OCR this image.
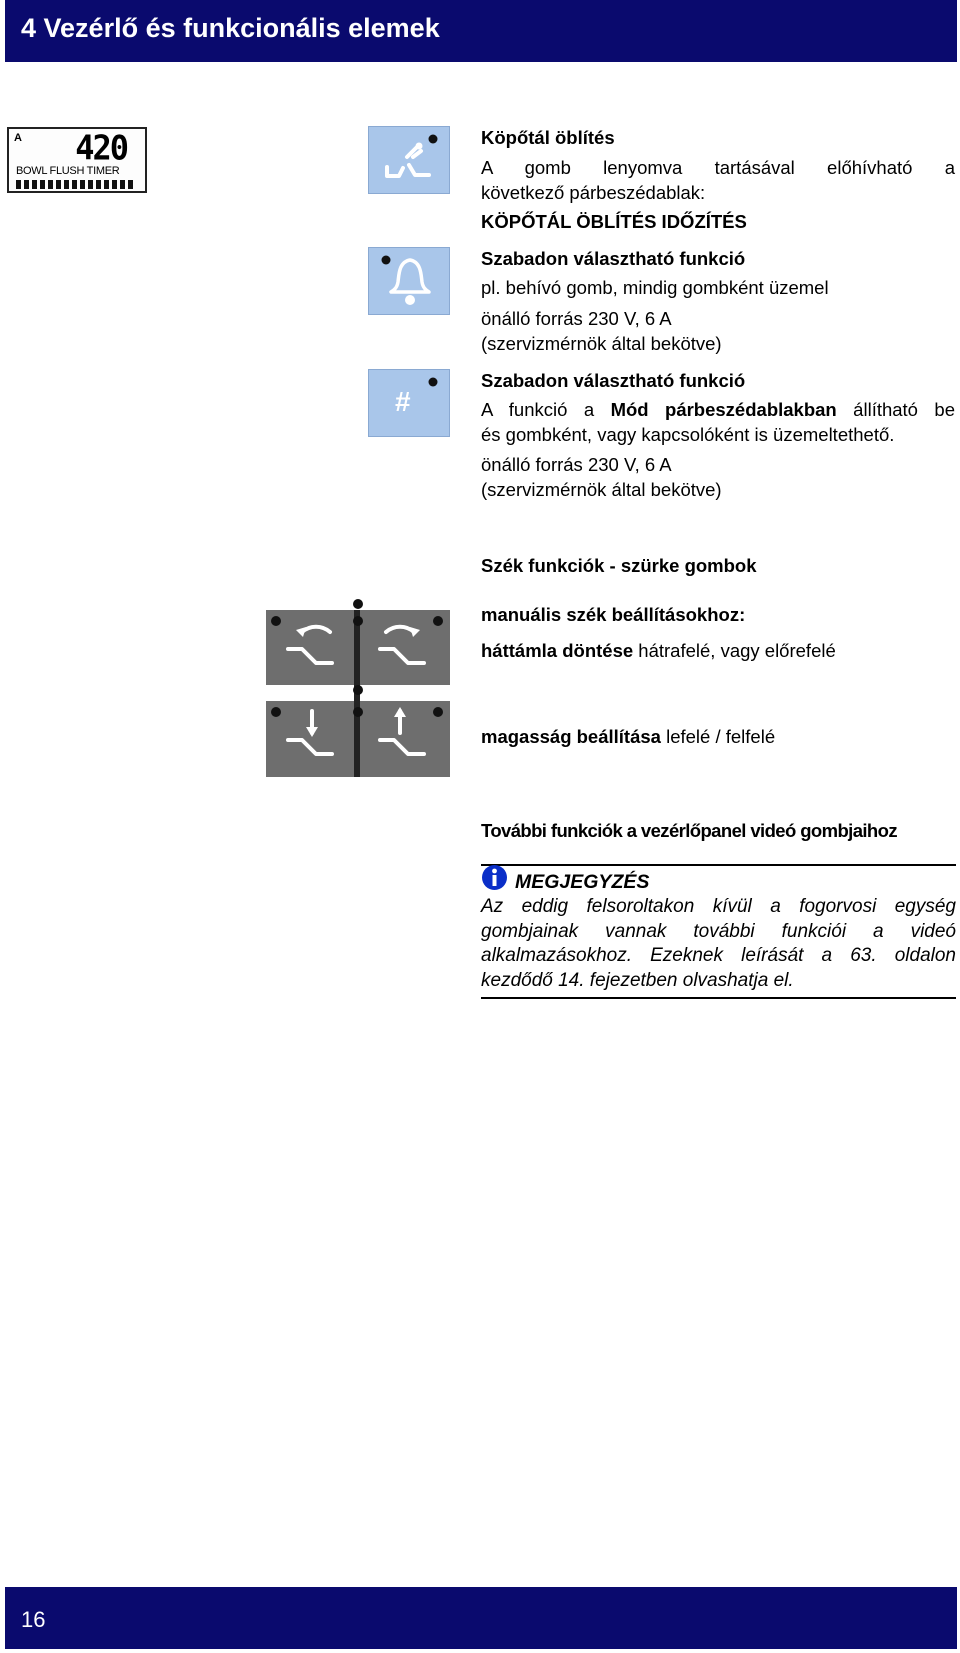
4 Vezérlő és funkcionális elemek
A 420
BOWL FLUSH TIMER
#
Köpőtál öblítés
A gomb lenyomva tartásával előhívható a
következő párbeszédablak:
KÖPŐTÁL ÖBLÍTÉS IDŐZÍTÉS
Szabadon választható funkció
pl. behívó gomb, mindig gombként üzemel
önálló forrás 230 V, 6 A
(szervizmérnök által bekötve)
Szabadon választható funkció
A funkció a Mód párbeszédablakban állítható be
és gombként, vagy kapcsolóként is üzemeltethető.
önálló forrás 230 V, 6 A
(szervizmérnök által bekötve)
Szék funkciók - szürke gombok
manuális szék beállításokhoz:
háttámla döntése hátrafelé, vagy előrefelé
magasság beállítása lefelé / felfelé
További funkciók a vezérlőpanel videó gombjaihoz
MEGJEGYZÉS
Az eddig felsoroltakon kívül a fogorvosi egység gombjainak vannak további funkciói a videó alkalmazásokhoz. Ezeknek leírását a 63. oldalon kezdődő 14. fejezetben olvashatja el.
16
